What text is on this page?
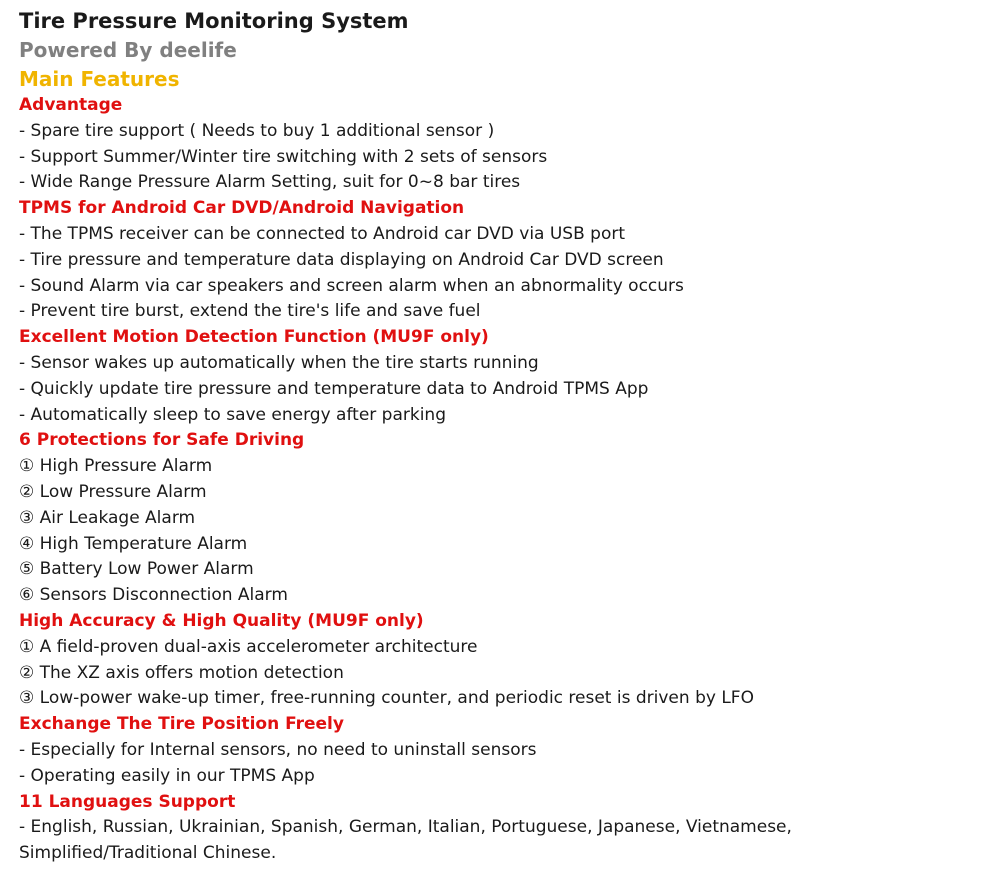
Tire Pressure Monitoring System
Powered By deelife
Main Features
Advantage
- Spare tire support ( Needs to buy 1 additional sensor )
- Support Summer/Winter tire switching with 2 sets of sensors
- Wide Range Pressure Alarm Setting, suit for 0~8 bar tires
TPMS for Android Car DVD/Android Navigation
- The TPMS receiver can be connected to Android car DVD via USB port
- Tire pressure and temperature data displaying on Android Car DVD screen
- Sound Alarm via car speakers and screen alarm when an abnormality occurs
- Prevent tire burst, extend the tire's life and save fuel
Excellent Motion Detection Function (MU9F only)
- Sensor wakes up automatically when the tire starts running
- Quickly update tire pressure and temperature data to Android TPMS App
- Automatically sleep to save energy after parking
6 Protections for Safe Driving
① High Pressure Alarm
② Low Pressure Alarm
③ Air Leakage Alarm
④ High Temperature Alarm
⑤ Battery Low Power Alarm
⑥ Sensors Disconnection Alarm
High Accuracy & High Quality (MU9F only)
① A field-proven dual-axis accelerometer architecture
② The XZ axis offers motion detection
③ Low-power wake-up timer, free-running counter, and periodic reset is driven by LFO
Exchange The Tire Position Freely
- Especially for Internal sensors, no need to uninstall sensors
- Operating easily in our TPMS App
11 Languages Support
- English, Russian, Ukrainian, Spanish, German, Italian, Portuguese, Japanese, Vietnamese, Simplified/Traditional Chinese.
